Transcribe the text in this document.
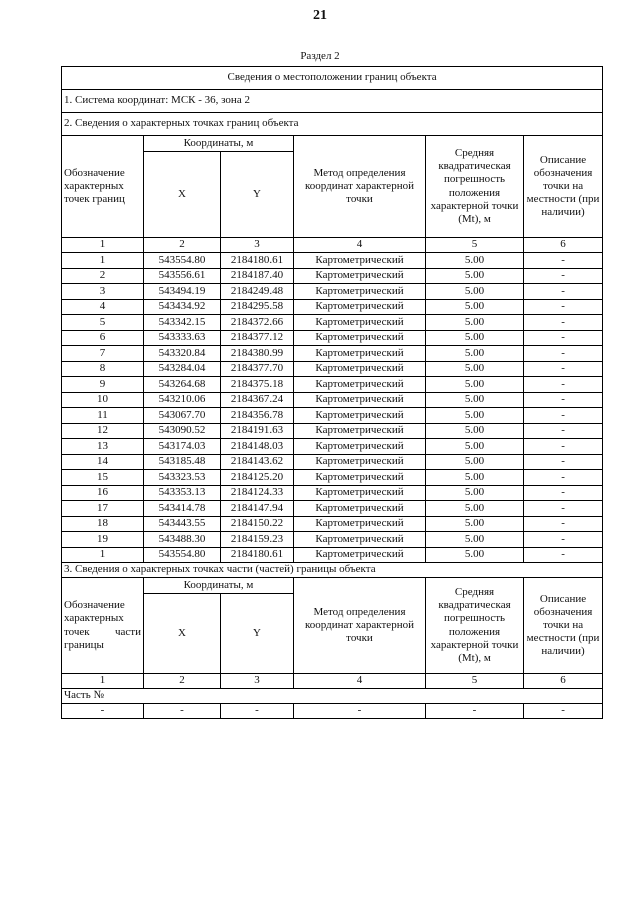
21
Раздел 2
Сведения о местоположении границ объекта					
1. Система координат: МСК - 36, зона 2					
2. Сведения о характерных точках границ объекта					
Обозначение характерных точек границ	Координаты, м		Метод определения координат характерной точки	Средняя квадратическая погрешность положения характерной точки (Mt), м	Описание обозначения точки на местности (при наличии)
	X	Y			
1	2	3	4	5	6
1	543554.80	2184180.61	Картометрический	5.00	-
2	543556.61	2184187.40	Картометрический	5.00	-
3	543494.19	2184249.48	Картометрический	5.00	-
4	543434.92	2184295.58	Картометрический	5.00	-
5	543342.15	2184372.66	Картометрический	5.00	-
6	543333.63	2184377.12	Картометрический	5.00	-
7	543320.84	2184380.99	Картометрический	5.00	-
8	543284.04	2184377.70	Картометрический	5.00	-
9	543264.68	2184375.18	Картометрический	5.00	-
10	543210.06	2184367.24	Картометрический	5.00	-
11	543067.70	2184356.78	Картометрический	5.00	-
12	543090.52	2184191.63	Картометрический	5.00	-
13	543174.03	2184148.03	Картометрический	5.00	-
14	543185.48	2184143.62	Картометрический	5.00	-
15	543323.53	2184125.20	Картометрический	5.00	-
16	543353.13	2184124.33	Картометрический	5.00	-
17	543414.78	2184147.94	Картометрический	5.00	-
18	543443.55	2184150.22	Картометрический	5.00	-
19	543488.30	2184159.23	Картометрический	5.00	-
1	543554.80	2184180.61	Картометрический	5.00	-
3. Сведения о характерных точках части (частей) границы объекта					
Обозначение характерных точек части границы	Координаты, м		Метод определения координат характерной точки	Средняя квадратическая погрешность положения характерной точки (Mt), м	Описание обозначения точки на местности (при наличии)
	X	Y			
1	2	3	4	5	6
Часть №					
-	-	-	-	-	-
